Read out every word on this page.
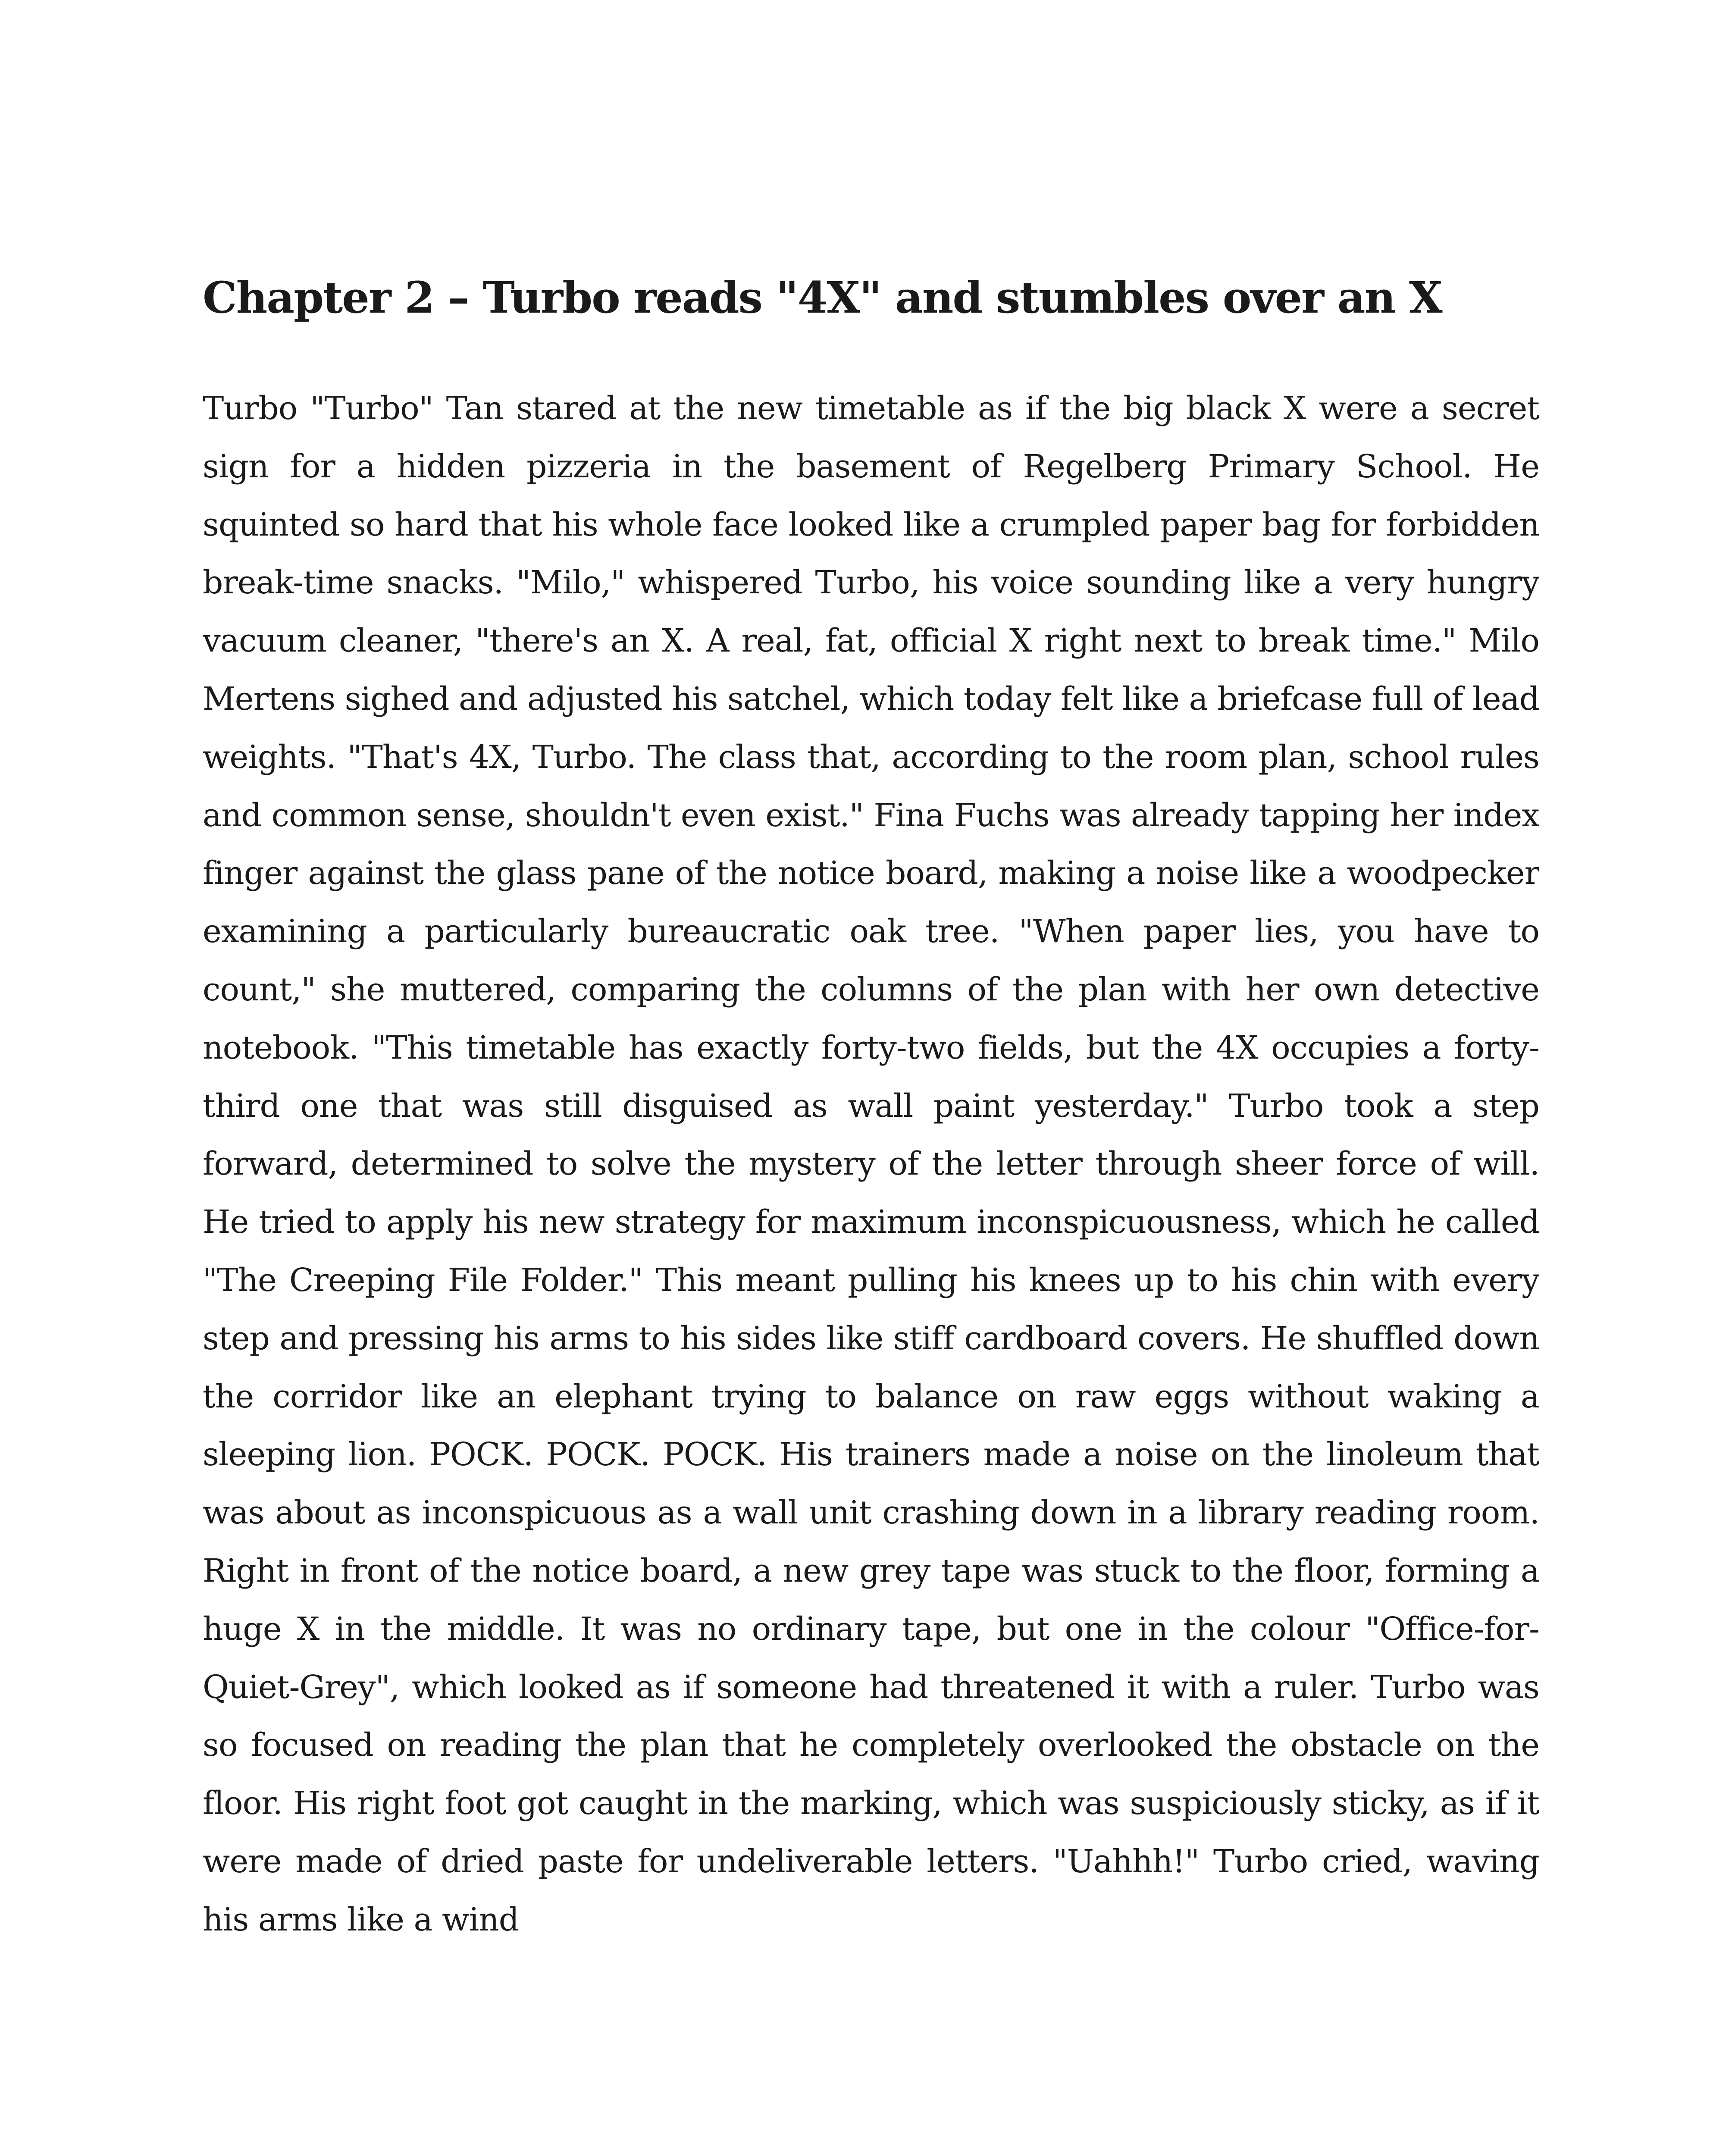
Chapter 2 – Turbo reads "4X" and stumbles over an X

Turbo "Turbo" Tan stared at the new timetable as if the big black X were a secret sign for a hidden pizzeria in the basement of Regelberg Primary School. He squinted so hard that his whole face looked like a crumpled paper bag for forbidden break-time snacks. "Milo," whispered Turbo, his voice sounding like a very hungry vacuum cleaner, "there's an X. A real, fat, official X right next to break time." Milo Mertens sighed and adjusted his satchel, which today felt like a briefcase full of lead weights. "That's 4X, Turbo. The class that, according to the room plan, school rules and common sense, shouldn't even exist." Fina Fuchs was already tapping her index finger against the glass pane of the notice board, making a noise like a woodpecker examining a particularly bureaucratic oak tree. "When paper lies, you have to count," she muttered, comparing the columns of the plan with her own detective notebook. "This timetable has exactly forty-two fields, but the 4X occupies a forty-third one that was still disguised as wall paint yesterday." Turbo took a step forward, determined to solve the mystery of the letter through sheer force of will. He tried to apply his new strategy for maximum inconspicuousness, which he called "The Creeping File Folder." This meant pulling his knees up to his chin with every step and pressing his arms to his sides like stiff cardboard covers. He shuffled down the corridor like an elephant trying to balance on raw eggs without waking a sleeping lion. POCK. POCK. POCK. His trainers made a noise on the linoleum that was about as inconspicuous as a wall unit crashing down in a library reading room. Right in front of the notice board, a new grey tape was stuck to the floor, forming a huge X in the middle. It was no ordinary tape, but one in the colour "Office-for-Quiet-Grey", which looked as if someone had threatened it with a ruler. Turbo was so focused on reading the plan that he completely overlooked the obstacle on the floor. His right foot got caught in the marking, which was suspiciously sticky, as if it were made of dried paste for undeliverable letters. "Uahhh!" Turbo cried, waving his arms like a wind
